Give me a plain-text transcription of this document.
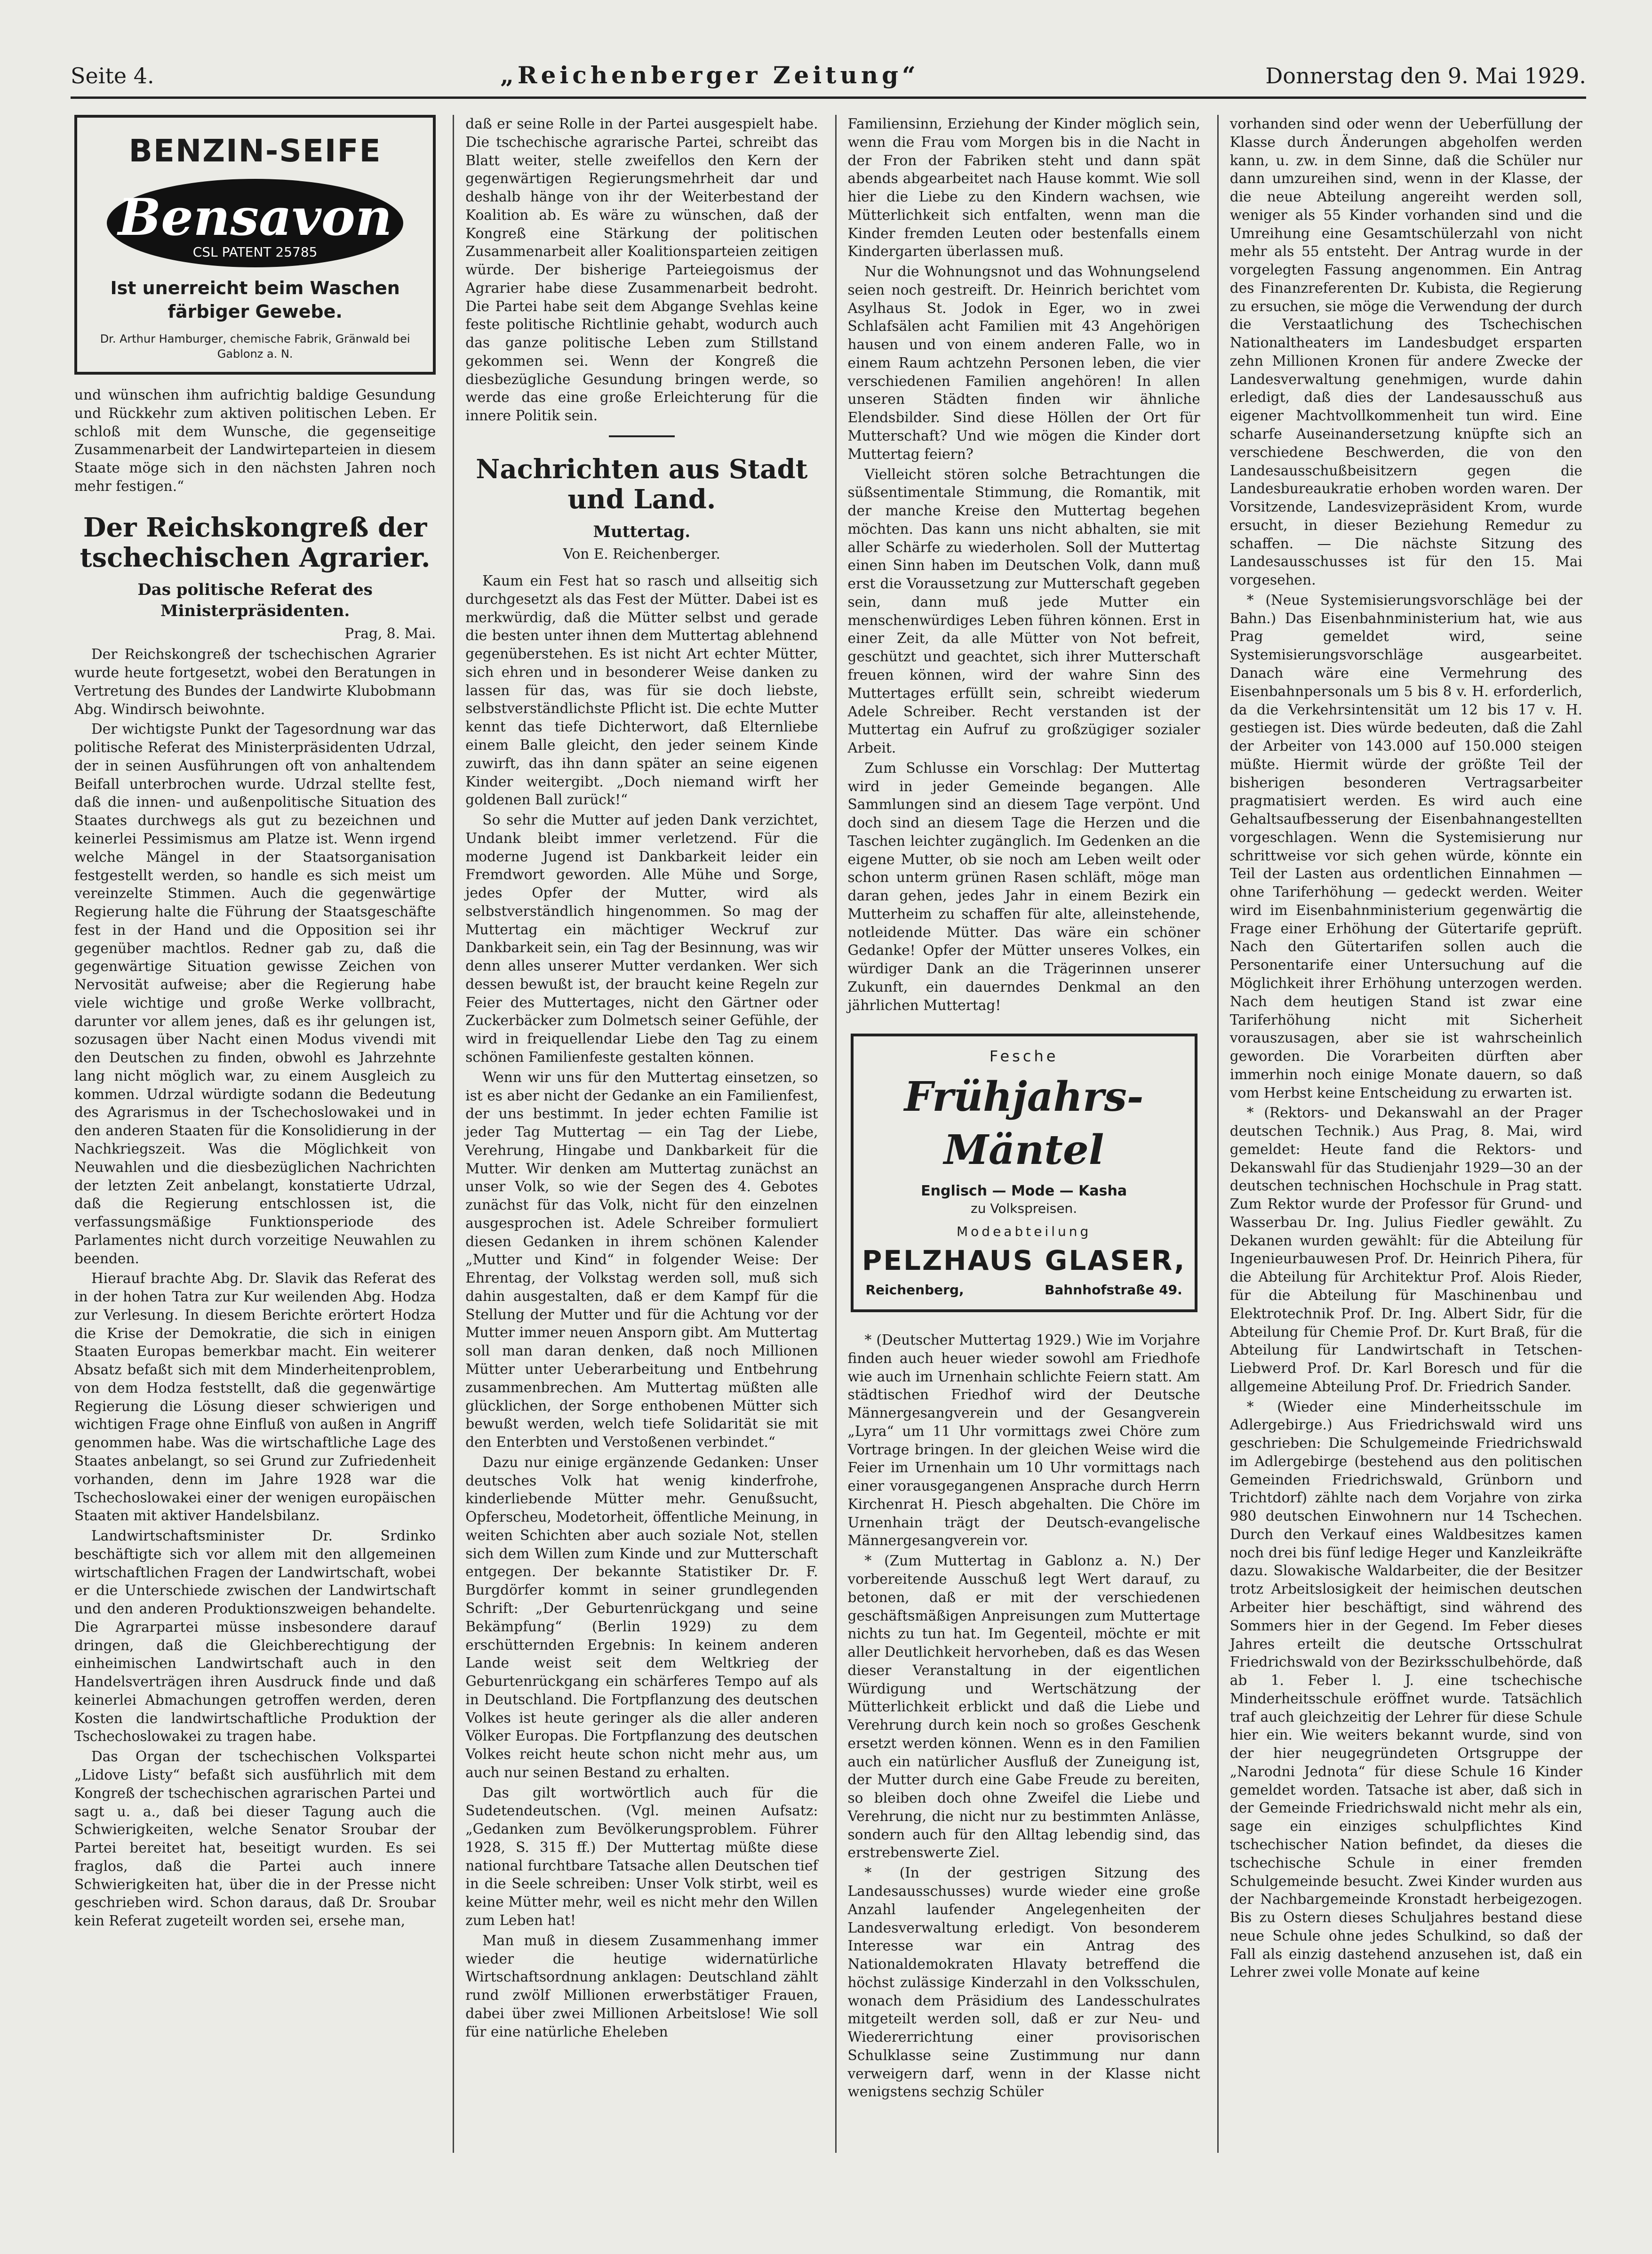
Seite 4.	„Reichenberger Zeitung“	Donnerstag den 9. Mai 1929.
BENZIN-SEIFE
Bensavon
CSL PATENT 25785
Ist unerreicht beim Waschen färbiger Gewebe.
Dr. Arthur Hamburger, chemische Fabrik, Gränwald bei Gablonz a. N.

und wünschen ihm aufrichtig baldige Gesundung und Rückkehr zum aktiven politischen Leben. Er schloß mit dem Wunsche, die gegenseitige Zusammenarbeit der Landwirteparteien in diesem Staate möge sich in den nächsten Jahren noch mehr festigen.“

Der Reichskongreß der tschechischen Agrarier.
Das politische Referat des Ministerpräsidenten.
Prag, 8. Mai.

Der Reichskongreß der tschechischen Agrarier wurde heute fortgesetzt, wobei den Beratungen in Vertretung des Bundes der Landwirte Klubobmann Abg. Windirsch beiwohnte.

Der wichtigste Punkt der Tagesordnung war das politische Referat des Ministerpräsidenten Udrzal, der in seinen Ausführungen oft von anhaltendem Beifall unterbrochen wurde. Udrzal stellte fest, daß die innen- und außenpolitische Situation des Staates durchwegs als gut zu bezeichnen und keinerlei Pessimismus am Platze ist. Wenn irgend welche Mängel in der Staatsorganisation festgestellt werden, so handle es sich meist um vereinzelte Stimmen. Auch die gegenwärtige Regierung halte die Führung der Staatsgeschäfte fest in der Hand und die Opposition sei ihr gegenüber machtlos. Redner gab zu, daß die gegenwärtige Situation gewisse Zeichen von Nervosität aufweise; aber die Regierung habe viele wichtige und große Werke vollbracht, darunter vor allem jenes, daß es ihr gelungen ist, sozusagen über Nacht einen Modus vivendi mit den Deutschen zu finden, obwohl es Jahrzehnte lang nicht möglich war, zu einem Ausgleich zu kommen. Udrzal würdigte sodann die Bedeutung des Agrarismus in der Tschechoslowakei und in den anderen Staaten für die Konsolidierung in der Nachkriegszeit. Was die Möglichkeit von Neuwahlen und die diesbezüglichen Nachrichten der letzten Zeit anbelangt, konstatierte Udrzal, daß die Regierung entschlossen ist, die verfassungsmäßige Funktionsperiode des Parlamentes nicht durch vorzeitige Neuwahlen zu beenden.

Hierauf brachte Abg. Dr. Slavik das Referat des in der hohen Tatra zur Kur weilenden Abg. Hodza zur Verlesung. In diesem Berichte erörtert Hodza die Krise der Demokratie, die sich in einigen Staaten Europas bemerkbar macht. Ein weiterer Absatz befaßt sich mit dem Minderheitenproblem, von dem Hodza feststellt, daß die gegenwärtige Regierung die Lösung dieser schwierigen und wichtigen Frage ohne Einfluß von außen in Angriff genommen habe. Was die wirtschaftliche Lage des Staates anbelangt, so sei Grund zur Zufriedenheit vorhanden, denn im Jahre 1928 war die Tschechoslowakei einer der wenigen europäischen Staaten mit aktiver Handelsbilanz.

Landwirtschaftsminister Dr. Srdinko beschäftigte sich vor allem mit den allgemeinen wirtschaftlichen Fragen der Landwirtschaft, wobei er die Unterschiede zwischen der Landwirtschaft und den anderen Produktionszweigen behandelte. Die Agrarpartei müsse insbesondere darauf dringen, daß die Gleichberechtigung der einheimischen Landwirtschaft auch in den Handelsverträgen ihren Ausdruck finde und daß keinerlei Abmachungen getroffen werden, deren Kosten die landwirtschaftliche Produktion der Tschechoslowakei zu tragen habe.

Das Organ der tschechischen Volkspartei „Lidove Listy“ befaßt sich ausführlich mit dem Kongreß der tschechischen agrarischen Partei und sagt u. a., daß bei dieser Tagung auch die Schwierigkeiten, welche Senator Sroubar der Partei bereitet hat, beseitigt wurden. Es sei fraglos, daß die Partei auch innere Schwierigkeiten hat, über die in der Presse nicht geschrieben wird. Schon daraus, daß Dr. Sroubar kein Referat zugeteilt worden sei, ersehe man,

daß er seine Rolle in der Partei ausgespielt habe. Die tschechische agrarische Partei, schreibt das Blatt weiter, stelle zweifellos den Kern der gegenwärtigen Regierungsmehrheit dar und deshalb hänge von ihr der Weiterbestand der Koalition ab. Es wäre zu wünschen, daß der Kongreß eine Stärkung der politischen Zusammenarbeit aller Koalitionsparteien zeitigen würde. Der bisherige Parteiegoismus der Agrarier habe diese Zusammenarbeit bedroht. Die Partei habe seit dem Abgange Svehlas keine feste politische Richtlinie gehabt, wodurch auch das ganze politische Leben zum Stillstand gekommen sei. Wenn der Kongreß die diesbezügliche Gesundung bringen werde, so werde das eine große Erleichterung für die innere Politik sein.

Nachrichten aus Stadt und Land.
Muttertag.
Von E. Reichenberger.

Kaum ein Fest hat so rasch und allseitig sich durchgesetzt als das Fest der Mütter. Dabei ist es merkwürdig, daß die Mütter selbst und gerade die besten unter ihnen dem Muttertag ablehnend gegenüberstehen. Es ist nicht Art echter Mütter, sich ehren und in besonderer Weise danken zu lassen für das, was für sie doch liebste, selbstverständlichste Pflicht ist. Die echte Mutter kennt das tiefe Dichterwort, daß Elternliebe einem Balle gleicht, den jeder seinem Kinde zuwirft, das ihn dann später an seine eigenen Kinder weitergibt. „Doch niemand wirft her goldenen Ball zurück!“

So sehr die Mutter auf jeden Dank verzichtet, Undank bleibt immer verletzend. Für die moderne Jugend ist Dankbarkeit leider ein Fremdwort geworden. Alle Mühe und Sorge, jedes Opfer der Mutter, wird als selbstverständlich hingenommen. So mag der Muttertag ein mächtiger Weckruf zur Dankbarkeit sein, ein Tag der Besinnung, was wir denn alles unserer Mutter verdanken. Wer sich dessen bewußt ist, der braucht keine Regeln zur Feier des Muttertages, nicht den Gärtner oder Zuckerbäcker zum Dolmetsch seiner Gefühle, der wird in freiquellendar Liebe den Tag zu einem schönen Familienfeste gestalten können.

Wenn wir uns für den Muttertag einsetzen, so ist es aber nicht der Gedanke an ein Familienfest, der uns bestimmt. In jeder echten Familie ist jeder Tag Muttertag — ein Tag der Liebe, Verehrung, Hingabe und Dankbarkeit für die Mutter. Wir denken am Muttertag zunächst an unser Volk, so wie der Segen des 4. Gebotes zunächst für das Volk, nicht für den einzelnen ausgesprochen ist. Adele Schreiber formuliert diesen Gedanken in ihrem schönen Kalender „Mutter und Kind“ in folgender Weise: Der Ehrentag, der Volkstag werden soll, muß sich dahin ausgestalten, daß er dem Kampf für die Stellung der Mutter und für die Achtung vor der Mutter immer neuen Ansporn gibt. Am Muttertag soll man daran denken, daß noch Millionen Mütter unter Ueberarbeitung und Entbehrung zusammenbrechen. Am Muttertag müßten alle glücklichen, der Sorge enthobenen Mütter sich bewußt werden, welch tiefe Solidarität sie mit den Enterbten und Verstoßenen verbindet.“

Dazu nur einige ergänzende Gedanken: Unser deutsches Volk hat wenig kinderfrohe, kinderliebende Mütter mehr. Genußsucht, Opferscheu, Modetorheit, öffentliche Meinung, in weiten Schichten aber auch soziale Not, stellen sich dem Willen zum Kinde und zur Mutterschaft entgegen. Der bekannte Statistiker Dr. F. Burgdörfer kommt in seiner grundlegenden Schrift: „Der Geburtenrückgang und seine Bekämpfung“ (Berlin 1929) zu dem erschütternden Ergebnis: In keinem anderen Lande weist seit dem Weltkrieg der Geburtenrückgang ein schärferes Tempo auf als in Deutschland. Die Fortpflanzung des deutschen Volkes ist heute geringer als die aller anderen Völker Europas. Die Fortpflanzung des deutschen Volkes reicht heute schon nicht mehr aus, um auch nur seinen Bestand zu erhalten.

Das gilt wortwörtlich auch für die Sudetendeutschen. (Vgl. meinen Aufsatz: „Gedanken zum Bevölkerungsproblem. Führer 1928, S. 315 ff.) Der Muttertag müßte diese national furchtbare Tatsache allen Deutschen tief in die Seele schreiben: Unser Volk stirbt, weil es keine Mütter mehr, weil es nicht mehr den Willen zum Leben hat!

Man muß in diesem Zusammenhang immer wieder die heutige widernatürliche Wirtschaftsordnung anklagen: Deutschland zählt rund zwölf Millionen erwerbstätiger Frauen, dabei über zwei Millionen Arbeitslose! Wie soll für eine natürliche Eheleben

Familiensinn, Erziehung der Kinder möglich sein, wenn die Frau vom Morgen bis in die Nacht in der Fron der Fabriken steht und dann spät abends abgearbeitet nach Hause kommt. Wie soll hier die Liebe zu den Kindern wachsen, wie Mütterlichkeit sich entfalten, wenn man die Kinder fremden Leuten oder bestenfalls einem Kindergarten überlassen muß.

Nur die Wohnungsnot und das Wohnungselend seien noch gestreift. Dr. Heinrich berichtet vom Asylhaus St. Jodok in Eger, wo in zwei Schlafsälen acht Familien mit 43 Angehörigen hausen und von einem anderen Falle, wo in einem Raum achtzehn Personen leben, die vier verschiedenen Familien angehören! In allen unseren Städten finden wir ähnliche Elendsbilder. Sind diese Höllen der Ort für Mutterschaft? Und wie mögen die Kinder dort Muttertag feiern?

Vielleicht stören solche Betrachtungen die süßsentimentale Stimmung, die Romantik, mit der manche Kreise den Muttertag begehen möchten. Das kann uns nicht abhalten, sie mit aller Schärfe zu wiederholen. Soll der Muttertag einen Sinn haben im Deutschen Volk, dann muß erst die Voraussetzung zur Mutterschaft gegeben sein, dann muß jede Mutter ein menschenwürdiges Leben führen können. Erst in einer Zeit, da alle Mütter von Not befreit, geschützt und geachtet, sich ihrer Mutterschaft freuen können, wird der wahre Sinn des Muttertages erfüllt sein, schreibt wiederum Adele Schreiber. Recht verstanden ist der Muttertag ein Aufruf zu großzügiger sozialer Arbeit.

Zum Schlusse ein Vorschlag: Der Muttertag wird in jeder Gemeinde begangen. Alle Sammlungen sind an diesem Tage verpönt. Und doch sind an diesem Tage die Herzen und die Taschen leichter zugänglich. Im Gedenken an die eigene Mutter, ob sie noch am Leben weilt oder schon unterm grünen Rasen schläft, möge man daran gehen, jedes Jahr in einem Bezirk ein Mutterheim zu schaffen für alte, alleinstehende, notleidende Mütter. Das wäre ein schöner Gedanke! Opfer der Mütter unseres Volkes, ein würdiger Dank an die Trägerinnen unserer Zukunft, ein dauerndes Denkmal an den jährlichen Muttertag!

Fesche
Frühjahrs-Mäntel
Englisch — Mode — Kasha
zu Volkspreisen.
Modeabteilung
PELZHAUS GLASER,
Reichenberg,	Bahnhofstraße 49.

* (Deutscher Muttertag 1929.) Wie im Vorjahre finden auch heuer wieder sowohl am Friedhofe wie auch im Urnenhain schlichte Feiern statt. Am städtischen Friedhof wird der Deutsche Männergesangverein und der Gesangverein „Lyra“ um 11 Uhr vormittags zwei Chöre zum Vortrage bringen. In der gleichen Weise wird die Feier im Urnenhain um 10 Uhr vormittags nach einer vorausgegangenen Ansprache durch Herrn Kirchenrat H. Piesch abgehalten. Die Chöre im Urnenhain trägt der Deutsch-evangelische Männergesangverein vor.

* (Zum Muttertag in Gablonz a. N.) Der vorbereitende Ausschuß legt Wert darauf, zu betonen, daß er mit der verschiedenen geschäftsmäßigen Anpreisungen zum Muttertage nichts zu tun hat. Im Gegenteil, möchte er mit aller Deutlichkeit hervorheben, daß es das Wesen dieser Veranstaltung in der eigentlichen Würdigung und Wertschätzung der Mütterlichkeit erblickt und daß die Liebe und Verehrung durch kein noch so großes Geschenk ersetzt werden können. Wenn es in den Familien auch ein natürlicher Ausfluß der Zuneigung ist, der Mutter durch eine Gabe Freude zu bereiten, so bleiben doch ohne Zweifel die Liebe und Verehrung, die nicht nur zu bestimmten Anlässe, sondern auch für den Alltag lebendig sind, das erstrebenswerte Ziel.

* (In der gestrigen Sitzung des Landesausschusses) wurde wieder eine große Anzahl laufender Angelegenheiten der Landesverwaltung erledigt. Von besonderem Interesse war ein Antrag des Nationaldemokraten Hlavaty betreffend die höchst zulässige Kinderzahl in den Volksschulen, wonach dem Präsidium des Landesschulrates mitgeteilt werden soll, daß er zur Neu- und Wiedererrichtung einer provisorischen Schulklasse seine Zustimmung nur dann verweigern darf, wenn in der Klasse nicht wenigstens sechzig Schüler

vorhanden sind oder wenn der Ueberfüllung der Klasse durch Änderungen abgeholfen werden kann, u. zw. in dem Sinne, daß die Schüler nur dann umzureihen sind, wenn in der Klasse, der die neue Abteilung angereiht werden soll, weniger als 55 Kinder vorhanden sind und die Umreihung eine Gesamtschülerzahl von nicht mehr als 55 entsteht. Der Antrag wurde in der vorgelegten Fassung angenommen. Ein Antrag des Finanzreferenten Dr. Kubista, die Regierung zu ersuchen, sie möge die Verwendung der durch die Verstaatlichung des Tschechischen Nationaltheaters im Landesbudget ersparten zehn Millionen Kronen für andere Zwecke der Landesverwaltung genehmigen, wurde dahin erledigt, daß dies der Landesausschuß aus eigener Machtvollkommenheit tun wird. Eine scharfe Auseinandersetzung knüpfte sich an verschiedene Beschwerden, die von den Landesausschußbeisitzern gegen die Landesbureaukratie erhoben worden waren. Der Vorsitzende, Landesvizepräsident Krom, wurde ersucht, in dieser Beziehung Remedur zu schaffen. — Die nächste Sitzung des Landesausschusses ist für den 15. Mai vorgesehen.

* (Neue Systemisierungsvorschläge bei der Bahn.) Das Eisenbahnministerium hat, wie aus Prag gemeldet wird, seine Systemisierungsvorschläge ausgearbeitet. Danach wäre eine Vermehrung des Eisenbahnpersonals um 5 bis 8 v. H. erforderlich, da die Verkehrsintensität um 12 bis 17 v. H. gestiegen ist. Dies würde bedeuten, daß die Zahl der Arbeiter von 143.000 auf 150.000 steigen müßte. Hiermit würde der größte Teil der bisherigen besonderen Vertragsarbeiter pragmatisiert werden. Es wird auch eine Gehaltsaufbesserung der Eisenbahnangestellten vorgeschlagen. Wenn die Systemisierung nur schrittweise vor sich gehen würde, könnte ein Teil der Lasten aus ordentlichen Einnahmen — ohne Tariferhöhung — gedeckt werden. Weiter wird im Eisenbahnministerium gegenwärtig die Frage einer Erhöhung der Gütertarife geprüft. Nach den Gütertarifen sollen auch die Personentarife einer Untersuchung auf die Möglichkeit ihrer Erhöhung unterzogen werden. Nach dem heutigen Stand ist zwar eine Tariferhöhung nicht mit Sicherheit vorauszusagen, aber sie ist wahrscheinlich geworden. Die Vorarbeiten dürften aber immerhin noch einige Monate dauern, so daß vom Herbst keine Entscheidung zu erwarten ist.

* (Rektors- und Dekanswahl an der Prager deutschen Technik.) Aus Prag, 8. Mai, wird gemeldet: Heute fand die Rektors- und Dekanswahl für das Studienjahr 1929—30 an der deutschen technischen Hochschule in Prag statt. Zum Rektor wurde der Professor für Grund- und Wasserbau Dr. Ing. Julius Fiedler gewählt. Zu Dekanen wurden gewählt: für die Abteilung für Ingenieurbauwesen Prof. Dr. Heinrich Pihera, für die Abteilung für Architektur Prof. Alois Rieder, für die Abteilung für Maschinenbau und Elektrotechnik Prof. Dr. Ing. Albert Sidr, für die Abteilung für Chemie Prof. Dr. Kurt Braß, für die Abteilung für Landwirtschaft in Tetschen-Liebwerd Prof. Dr. Karl Boresch und für die allgemeine Abteilung Prof. Dr. Friedrich Sander.

* (Wieder eine Minderheitsschule im Adlergebirge.) Aus Friedrichswald wird uns geschrieben: Die Schulgemeinde Friedrichswald im Adlergebirge (bestehend aus den politischen Gemeinden Friedrichswald, Grünborn und Trichtdorf) zählte nach dem Vorjahre von zirka 980 deutschen Einwohnern nur 14 Tschechen. Durch den Verkauf eines Waldbesitzes kamen noch drei bis fünf ledige Heger und Kanzleikräfte dazu. Slowakische Waldarbeiter, die der Besitzer trotz Arbeitslosigkeit der heimischen deutschen Arbeiter hier beschäftigt, sind während des Sommers hier in der Gegend. Im Feber dieses Jahres erteilt die deutsche Ortsschulrat Friedrichswald von der Bezirksschulbehörde, daß ab 1. Feber l. J. eine tschechische Minderheitsschule eröffnet wurde. Tatsächlich traf auch gleichzeitig der Lehrer für diese Schule hier ein. Wie weiters bekannt wurde, sind von der hier neugegründeten Ortsgruppe der „Narodni Jednota“ für diese Schule 16 Kinder gemeldet worden. Tatsache ist aber, daß sich in der Gemeinde Friedrichswald nicht mehr als ein, sage ein einziges schulpflichtes Kind tschechischer Nation befindet, da dieses die tschechische Schule in einer fremden Schulgemeinde besucht. Zwei Kinder wurden aus der Nachbargemeinde Kronstadt herbeigezogen. Bis zu Ostern dieses Schuljahres bestand diese neue Schule ohne jedes Schulkind, so daß der Fall als einzig dastehend anzusehen ist, daß ein Lehrer zwei volle Monate auf keine
